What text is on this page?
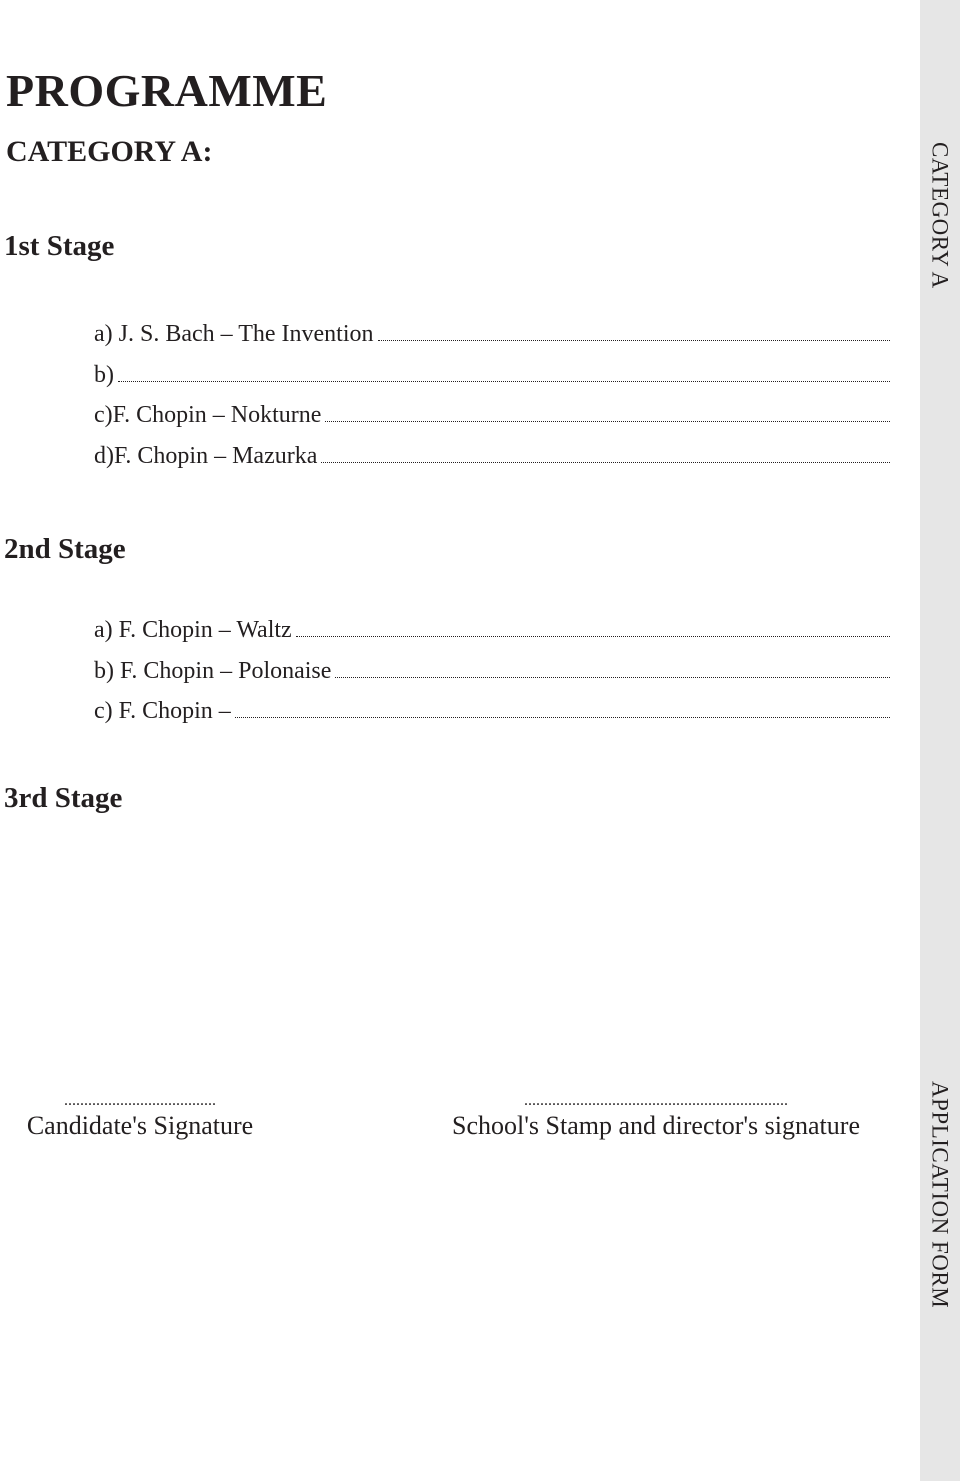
CATEGORY A
APPLICATION FORM
PROGRAMME
CATEGORY A:
1st Stage
a) J. S. Bach – The Invention
b)
c)F. Chopin – Nokturne
d)F. Chopin – Mazurka
2nd Stage
a) F. Chopin – Waltz
b) F. Chopin – Polonaise
c) F. Chopin –
3rd Stage
......................................
Candidate's Signature
..................................................................
School's Stamp and director's signature
